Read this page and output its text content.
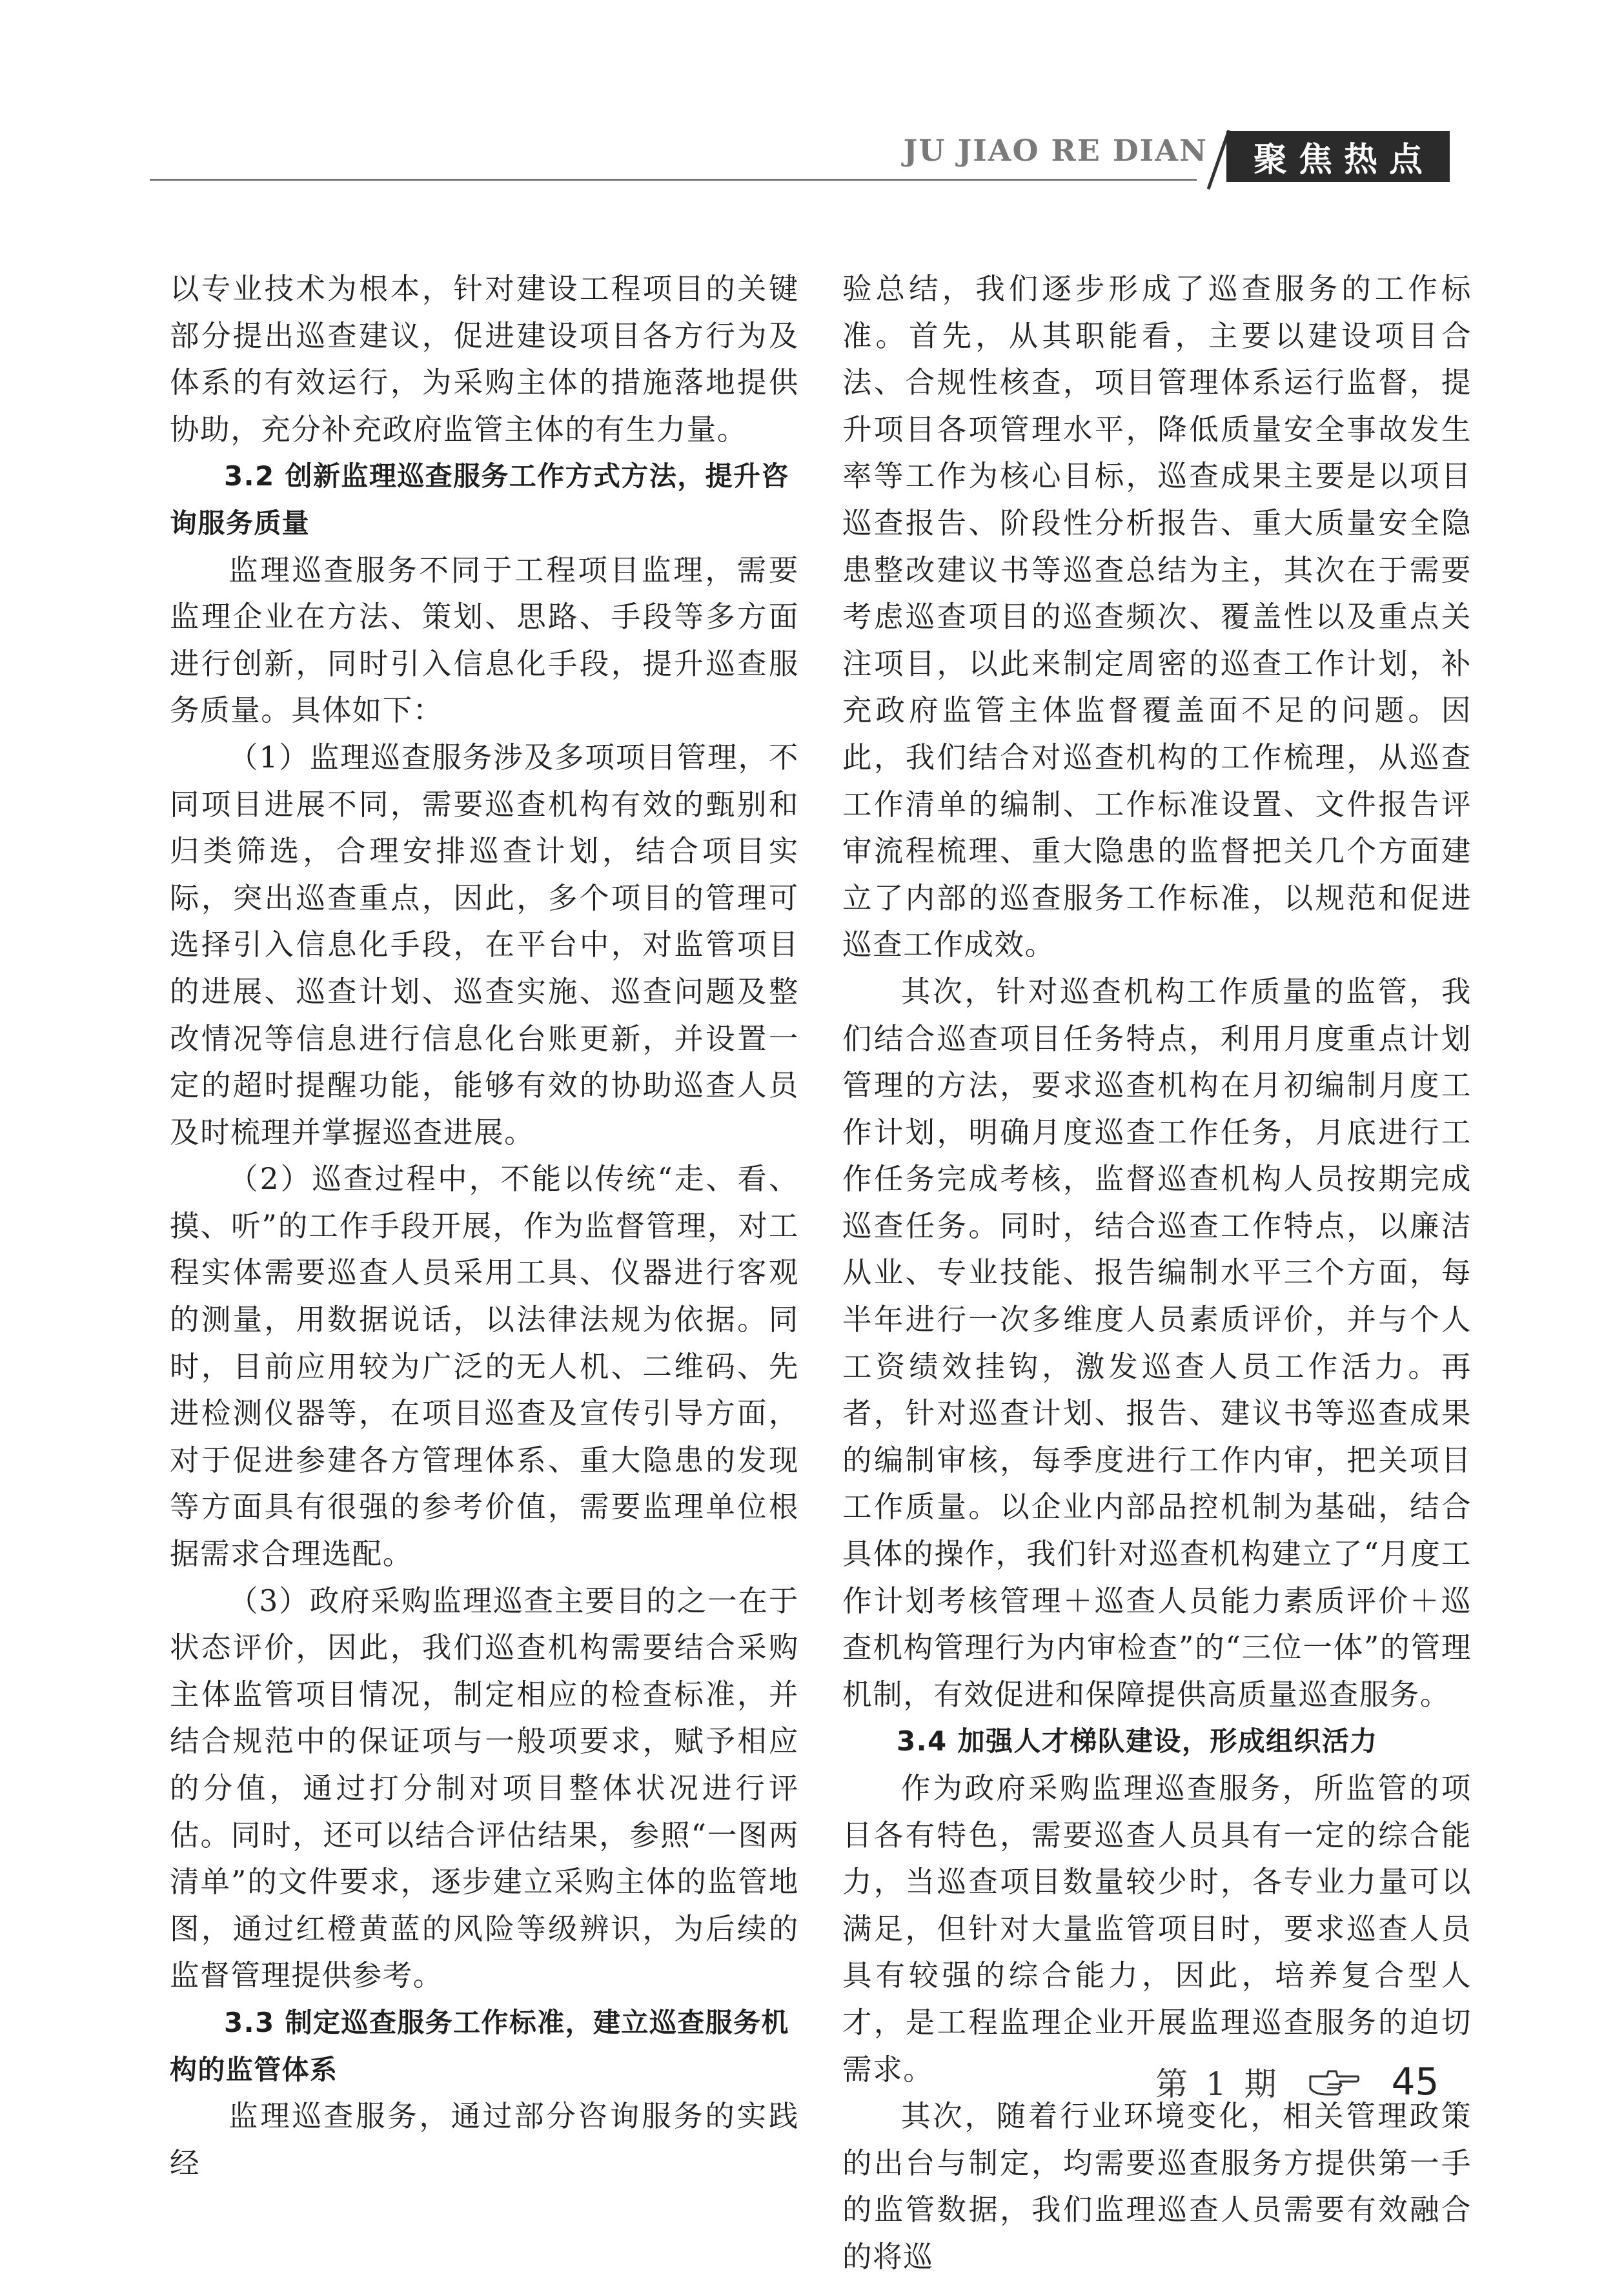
JU JIAO RE DIAN	聚焦热点

以专业技术为根本，针对建设工程项目的关键部分提出巡查建议，促进建设项目各方行为及体系的有效运行，为采购主体的措施落地提供协助，充分补充政府监管主体的有生力量。

3.2 创新监理巡查服务工作方式方法，提升咨询服务质量

监理巡查服务不同于工程项目监理，需要监理企业在方法、策划、思路、手段等多方面进行创新，同时引入信息化手段，提升巡查服务质量。具体如下：

（1）监理巡查服务涉及多项项目管理，不同项目进展不同，需要巡查机构有效的甄别和归类筛选，合理安排巡查计划，结合项目实际，突出巡查重点，因此，多个项目的管理可选择引入信息化手段，在平台中，对监管项目的进展、巡查计划、巡查实施、巡查问题及整改情况等信息进行信息化台账更新，并设置一定的超时提醒功能，能够有效的协助巡查人员及时梳理并掌握巡查进展。

（2）巡查过程中，不能以传统“走、看、摸、听”的工作手段开展，作为监督管理，对工程实体需要巡查人员采用工具、仪器进行客观的测量，用数据说话，以法律法规为依据。同时，目前应用较为广泛的无人机、二维码、先进检测仪器等，在项目巡查及宣传引导方面，对于促进参建各方管理体系、重大隐患的发现等方面具有很强的参考价值，需要监理单位根据需求合理选配。

（3）政府采购监理巡查主要目的之一在于状态评价，因此，我们巡查机构需要结合采购主体监管项目情况，制定相应的检查标准，并结合规范中的保证项与一般项要求，赋予相应的分值，通过打分制对项目整体状况进行评估。同时，还可以结合评估结果，参照“一图两清单”的文件要求，逐步建立采购主体的监管地图，通过红橙黄蓝的风险等级辨识，为后续的监督管理提供参考。

3.3 制定巡查服务工作标准，建立巡查服务机构的监管体系

监理巡查服务，通过部分咨询服务的实践经

验总结，我们逐步形成了巡查服务的工作标准。首先，从其职能看，主要以建设项目合法、合规性核查，项目管理体系运行监督，提升项目各项管理水平，降低质量安全事故发生率等工作为核心目标，巡查成果主要是以项目巡查报告、阶段性分析报告、重大质量安全隐患整改建议书等巡查总结为主，其次在于需要考虑巡查项目的巡查频次、覆盖性以及重点关注项目，以此来制定周密的巡查工作计划，补充政府监管主体监督覆盖面不足的问题。因此，我们结合对巡查机构的工作梳理，从巡查工作清单的编制、工作标准设置、文件报告评审流程梳理、重大隐患的监督把关几个方面建立了内部的巡查服务工作标准，以规范和促进巡查工作成效。

其次，针对巡查机构工作质量的监管，我们结合巡查项目任务特点，利用月度重点计划管理的方法，要求巡查机构在月初编制月度工作计划，明确月度巡查工作任务，月底进行工作任务完成考核，监督巡查机构人员按期完成巡查任务。同时，结合巡查工作特点，以廉洁从业、专业技能、报告编制水平三个方面，每半年进行一次多维度人员素质评价，并与个人工资绩效挂钩，激发巡查人员工作活力。再者，针对巡查计划、报告、建议书等巡查成果的编制审核，每季度进行工作内审，把关项目工作质量。以企业内部品控机制为基础，结合具体的操作，我们针对巡查机构建立了“月度工作计划考核管理＋巡查人员能力素质评价＋巡查机构管理行为内审检查”的“三位一体”的管理机制，有效促进和保障提供高质量巡查服务。

3.4 加强人才梯队建设，形成组织活力

作为政府采购监理巡查服务，所监管的项目各有特色，需要巡查人员具有一定的综合能力，当巡查项目数量较少时，各专业力量可以满足，但针对大量监管项目时，要求巡查人员具有较强的综合能力，因此，培养复合型人才，是工程监理企业开展监理巡查服务的迫切需求。

其次，随着行业环境变化，相关管理政策的出台与制定，均需要巡查服务方提供第一手的监管数据，我们监理巡查人员需要有效融合的将巡

第 1 期	45
